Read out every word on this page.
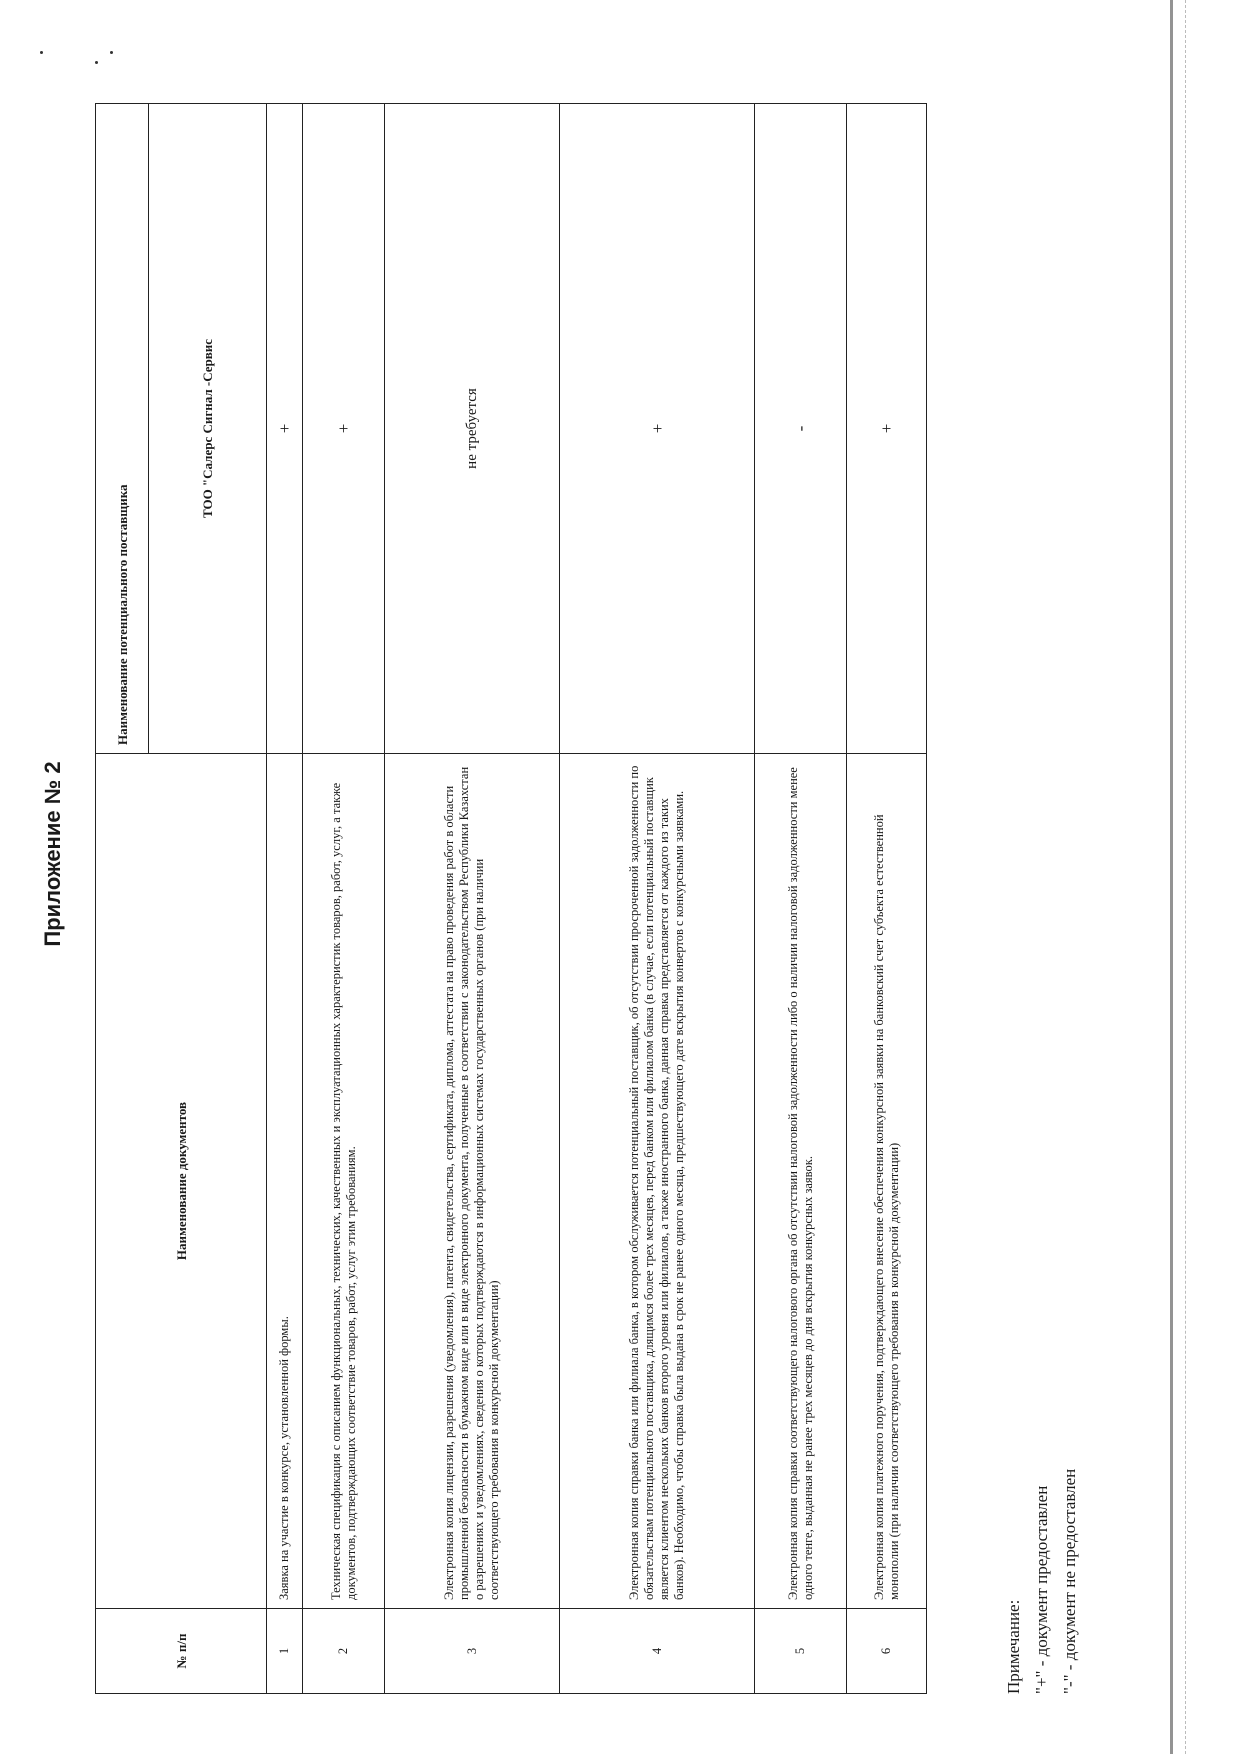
Приложение № 2
№ п/п	Наименование документов	Наименование потенциального поставщика
		ТОО "Салерс Сигнал -Сервис
1	Заявка на участие в конкурсе, установленной формы.	+
2	Техническая спецификация с описанием функциональных, технических, качественных и эксплуатационных характеристик товаров, работ, услуг, а также документов, подтверждающих соответствие товаров, работ, услуг этим требованиям.	+
3	Электронная копия лицензии, разрешения (уведомления), патента, свидетельства, сертификата, диплома, аттестата на право проведения работ в области промышленной безопасности в бумажном виде или в виде электронного документа, полученные в соответствии с законодательством Республики Казахстан о разрешениях и уведомлениях, сведения о которых подтверждаются в информационных системах государственных органов (при наличии соответствующего требования в конкурсной документации)	не требуется
4	Электронная копия справки банка или филиала банка, в котором обслуживается потенциальный поставщик, об отсутствии просроченной задолженности по обязательствам потенциального поставщика, длящимся более трех месяцев, перед банком или филиалом банка (в случае, если потенциальный поставщик является клиентом нескольких банков второго уровня или филиалов, а также иностранного банка, данная справка представляется от каждого из таких банков). Необходимо, чтобы справка была выдана в срок не ранее одного месяца, предшествующего дате вскрытия конвертов с конкурсными заявками.	+
5	Электронная копия справки соответствующего налогового органа об отсутствии налоговой задолженности либо о наличии налоговой задолженности менее одного тенге, выданная не ранее трех месяцев до дня вскрытия конкурсных заявок.	-
6	Электронная копия платежного поручения, подтверждающего внесение обеспечения конкурсной заявки на банковский счет субъекта естественной монополии (при наличии соответствующего требования в конкурсной документации)	+
Примечание: "+" - документ предоставлен "-" - документ не предоставлен
